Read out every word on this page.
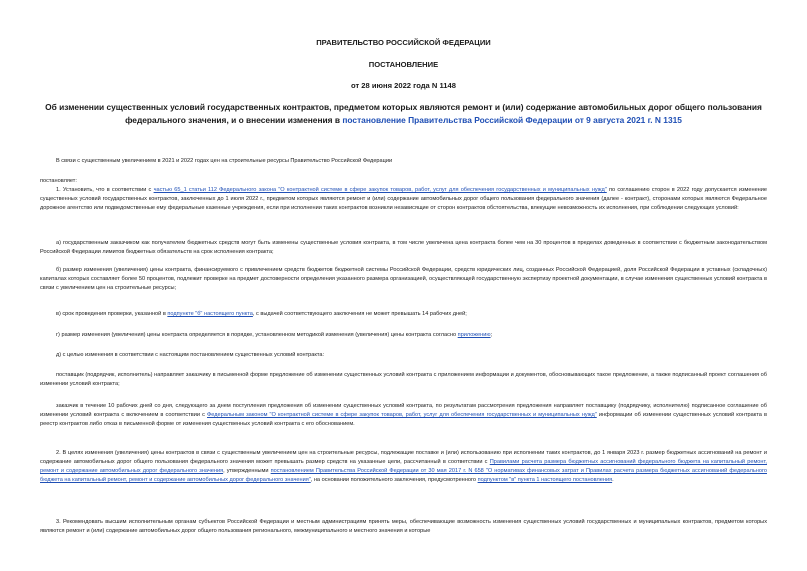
ПРАВИТЕЛЬСТВО РОССИЙСКОЙ ФЕДЕРАЦИИ
ПОСТАНОВЛЕНИЕ
от 28 июня 2022 года N 1148
Об изменении существенных условий государственных контрактов, предметом которых являются ремонт и (или) содержание автомобильных дорог общего пользования федерального значения, и о внесении изменения в постановление Правительства Российской Федерации от 9 августа 2021 г. N 1315
В связи с существенным увеличением в 2021 и 2022 годах цен на строительные ресурсы Правительство Российской Федерации
постановляет:
1. Установить, что в соответствии с частью 65_1 статьи 112 Федерального закона "О контрактной системе в сфере закупок товаров, работ, услуг для обеспечения государственных и муниципальных нужд" по соглашению сторон в 2022 году допускается изменение существенных условий государственных контрактов, заключенных до 1 июля 2022 г., предметом которых являются ремонт и (или) содержание автомобильных дорог общего пользования федерального значения (далее - контракт), сторонами которых являются Федеральное дорожное агентство или подведомственные ему федеральные казенные учреждения, если при исполнении таких контрактов возникли независящие от сторон контрактов обстоятельства, влекущие невозможность их исполнения, при соблюдении следующих условий:
а) государственным заказчиком как получателем бюджетных средств могут быть изменены существенные условия контракта, в том числе увеличена цена контракта более чем на 30 процентов в пределах доведенных в соответствии с бюджетным законодательством Российской Федерации лимитов бюджетных обязательств на срок исполнения контракта;
б) размер изменения (увеличения) цены контракта, финансируемого с привлечением средств бюджетов бюджетной системы Российской Федерации, средств юридических лиц, созданных Российской Федерацией, доля Российской Федерации в уставных (складочных) капиталах которых составляет более 50 процентов, подлежит проверке на предмет достоверности определения указанного размера организацией, осуществляющей государственную экспертизу проектной документации, в случае изменения существенных условий контракта в связи с увеличением цен на строительные ресурсы;
в) срок проведения проверки, указанной в подпункте "б" настоящего пункта, с выдачей соответствующего заключения не может превышать 14 рабочих дней;
г) размер изменения (увеличения) цены контракта определяется в порядке, установленном методикой изменения (увеличения) цены контракта согласно приложению;
д) с целью изменения в соответствии с настоящим постановлением существенных условий контракта:
поставщик (подрядчик, исполнитель) направляет заказчику в письменной форме предложение об изменении существенных условий контракта с приложением информации и документов, обосновывающих такое предложение, а также подписанный проект соглашения об изменении условий контракта;
заказчик в течение 10 рабочих дней со дня, следующего за днем поступления предложения об изменении существенных условий контракта, по результатам рассмотрения предложения направляет поставщику (подрядчику, исполнителю) подписанное соглашение об изменении условий контракта с включением в соответствии с Федеральным законом "О контрактной системе в сфере закупок товаров, работ, услуг для обеспечения государственных и муниципальных нужд" информации об изменении существенных условий контракта в реестр контрактов либо отказ в письменной форме от изменения существенных условий контракта с его обоснованием.
2. В целях изменения (увеличения) цены контрактов в связи с существенным увеличением цен на строительные ресурсы, подлежащие поставке и (или) использованию при исполнении таких контрактов, до 1 января 2023 г. размер бюджетных ассигнований на ремонт и содержание автомобильных дорог общего пользования федерального значения может превышать размер средств на указанные цели, рассчитанный в соответствии с Правилами расчета размера бюджетных ассигнований федерального бюджета на капитальный ремонт, ремонт и содержание автомобильных дорог федерального значения, утвержденными постановлением Правительства Российской Федерации от 30 мая 2017 г. N 658 "О нормативах финансовых затрат и Правилах расчета размера бюджетных ассигнований федерального бюджета на капитальный ремонт, ремонт и содержание автомобильных дорог федерального значения", на основании положительного заключения, предусмотренного подпунктом "в" пункта 1 настоящего постановления.
3. Рекомендовать высшим исполнительным органам субъектов Российской Федерации и местным администрациям принять меры, обеспечивающие возможность изменения существенных условий государственных и муниципальных контрактов, предметом которых являются ремонт и (или) содержание автомобильных дорог общего пользования регионального, межмуниципального и местного значения и которые
